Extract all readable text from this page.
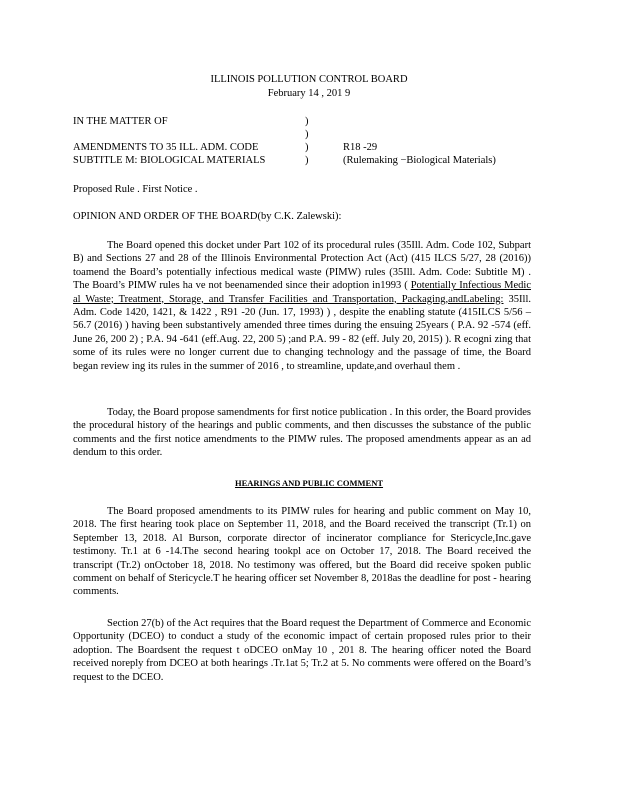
ILLINOIS POLLUTION CONTROL BOARD
February 14 , 201 9
IN THE MATTER OF	)
)
AMENDMENTS TO 35 ILL. ADM. CODE	)	R18 -29
SUBTITLE M: BIOLOGICAL MATERIALS	)	(Rulemaking −Biological Materials)
Proposed Rule . First Notice .
OPINION AND ORDER OF THE BOARD(by C.K. Zalewski):

The Board opened this docket under Part 102 of its procedural rules (35Ill. Adm. Code 102, Subpart B) and Sections 27 and 28 of the Illinois Environmental Protection Act (Act) (415 ILCS 5/27, 28 (2016)) toamend the Board’s potentially infectious medical waste (PIMW) rules (35Ill. Adm. Code: Subtitle M) . The Board’s PIMW rules ha ve not beenamended since their adoption in1993 ( Potentially Infectious Medic al Waste; Treatment, Storage, and Transfer Facilities and Transportation, Packaging,andLabeling: 35Ill. Adm. Code 1420, 1421, & 1422 , R91 -20 (Jun. 17, 1993) ) , despite the enabling statute (415ILCS 5/56 –56.7 (2016) ) having been substantively amended three times during the ensuing 25years ( P.A. 92 -574 (eff. June 26, 200 2) ; P.A. 94 -641 (eff.Aug. 22, 200 5) ;and P.A. 99 - 82 (eff. July 20, 2015) ). R ecogni zing that some of its rules were no longer current due to changing technology and the passage of time, the Board began review ing its rules in the summer of 2016 , to streamline, update,and overhaul them .

Today, the Board propose samendments for first notice publication . In this order, the Board provides the procedural history of the hearings and public comments, and then discusses the substance of the public comments and the first notice amendments to the PIMW rules. The proposed amendments appear as an ad dendum to this order.

HEARINGS AND PUBLIC COMMENT

The Board proposed amendments to its PIMW rules for hearing and public comment on May 10, 2018. The first hearing took place on September 11, 2018, and the Board received the transcript (Tr.1) on September 13, 2018. Al Burson, corporate director of incinerator compliance for Stericycle,Inc.gave testimony. Tr.1 at 6 -14.The second hearing tookpl ace on October 17, 2018. The Board received the transcript (Tr.2) onOctober 18, 2018. No testimony was offered, but the Board did receive spoken public comment on behalf of Stericycle.T he hearing officer set November 8, 2018as the deadline for post - hearing comments.

Section 27(b) of the Act requires that the Board request the Department of Commerce and Economic Opportunity (DCEO) to conduct a study of the economic impact of certain proposed rules prior to their adoption. The Boardsent the request t oDCEO onMay 10 , 201 8. The hearing officer noted the Board received noreply from DCEO at both hearings .Tr.1at 5; Tr.2 at 5. No comments were offered on the Board’s request to the DCEO.
